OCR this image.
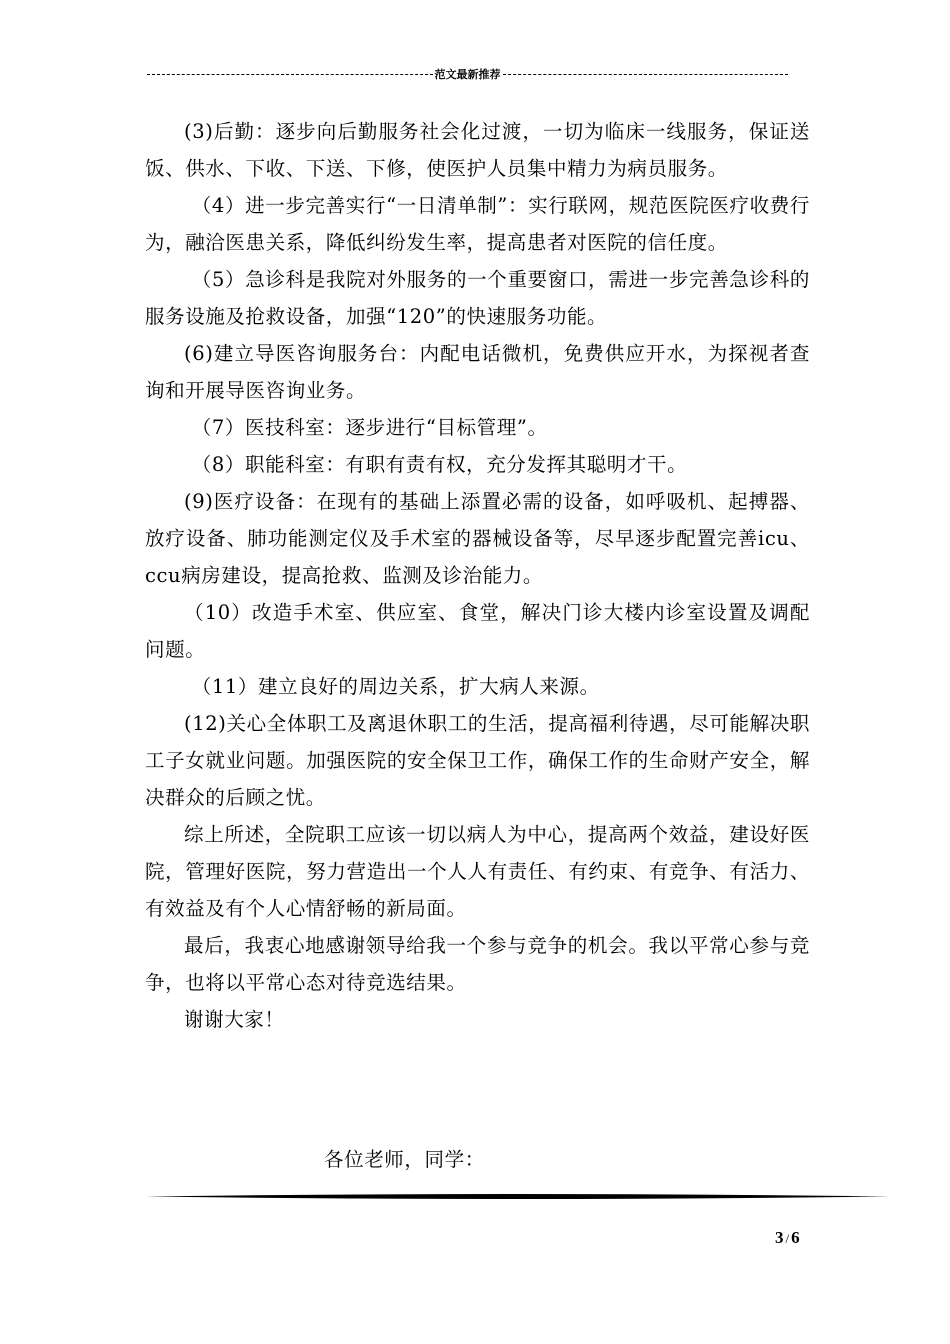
范文最新推荐

(3)后勤：逐步向后勤服务社会化过渡，一切为临床一线服务，保证送饭、供水、下收、下送、下修，使医护人员集中精力为病员服务。

（4）进一步完善实行“一日清单制”：实行联网，规范医院医疗收费行为，融洽医患关系，降低纠纷发生率，提高患者对医院的信任度。

（5）急诊科是我院对外服务的一个重要窗口，需进一步完善急诊科的服务设施及抢救设备，加强“120”的快速服务功能。

(6)建立导医咨询服务台：内配电话微机，免费供应开水，为探视者查询和开展导医咨询业务。

（7）医技科室：逐步进行“目标管理”。

（8）职能科室：有职有责有权，充分发挥其聪明才干。

(9)医疗设备：在现有的基础上添置必需的设备，如呼吸机、起搏器、放疗设备、肺功能测定仪及手术室的器械设备等，尽早逐步配置完善icu、ccu病房建设，提高抢救、监测及诊治能力。

（10）改造手术室、供应室、食堂，解决门诊大楼内诊室设置及调配问题。

（11）建立良好的周边关系，扩大病人来源。

(12)关心全体职工及离退休职工的生活，提高福利待遇，尽可能解决职工子女就业问题。加强医院的安全保卫工作，确保工作的生命财产安全，解决群众的后顾之忧。

综上所述，全院职工应该一切以病人为中心，提高两个效益，建设好医院，管理好医院，努力营造出一个人人有责任、有约束、有竞争、有活力、有效益及有个人心情舒畅的新局面。

最后，我衷心地感谢领导给我一个参与竞争的机会。我以平常心参与竞争，也将以平常心态对待竞选结果。

谢谢大家！

各位老师，同学：
3 / 6
